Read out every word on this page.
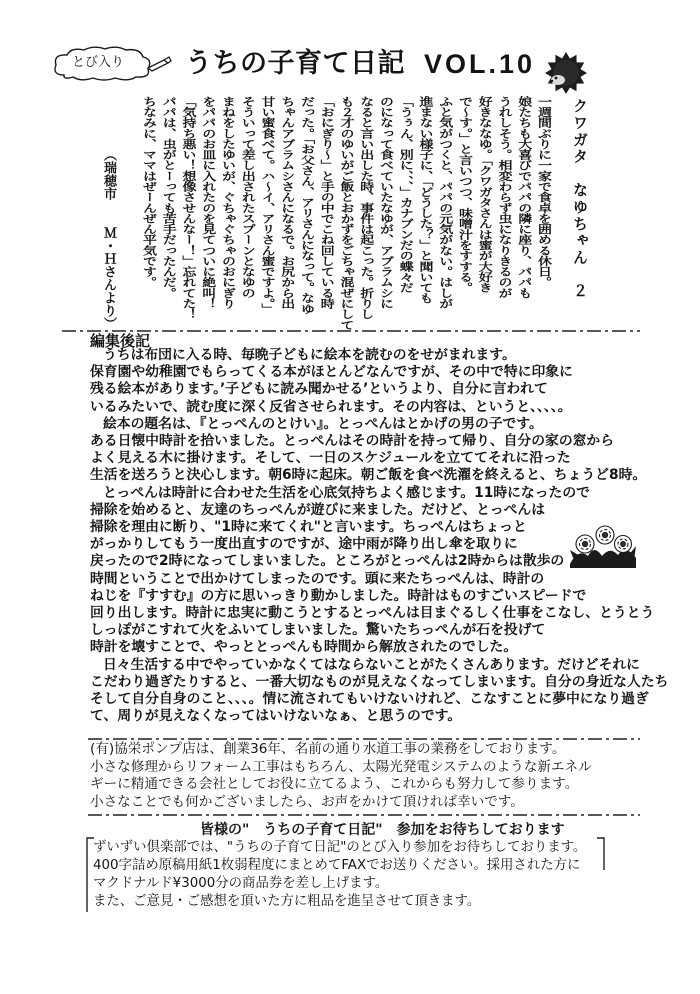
とび入り うちの子育て日記 VOL.10
クワガタ　なゆちゃん　２
一週間ぶりに一家で食卓を囲める休日。
娘たちも大喜びでパパの隣に座り、パパも
うれしそう。相変わらず虫になりきるのが
好きななゆ。「クワガタさんは蜜が大好き
で～す。」と言いつつ、味噌汁をすする。
ふと気がつくと、パパの元気がない。はしが
進まない様子に、「どうした？」と聞いても
「うぅん、別に、、、」カナブンだの蝶々だ
のになって食べていたなゆが、アブラムシに
なると言い出した時、事件は起こった。折りし
も２才のゆいがご飯とおかずをごちゃ混ぜにして
「おにぎり～」と手の中でこね回している時
だった。「お父さん、アリさんになって。なゆ
ちゃんアブラムシさんになるで。お尻から出
甘い蜜食べて。ハ～イ、アリさん蜜ですよ。」
そういって差し出されたスプーンとなゆの
まねをしたゆいが、ぐちゃぐちゃのおにぎり
をパパのお皿に入れたのを見てついに絶叫！
「気持ち悪い！想像させんなー！」忘れてた！
パパは、虫がとーっても苦手だったんだ。
ちなみに、ママはぜーんぜん平気です。
（瑞穂市　　Ｍ・Ｈさんより）
編集後記
うちは布団に入る時、毎晩子どもに絵本を読むのをせがまれます。
保育園や幼稚園でもらってくる本がほとんどなんですが、その中で特に印象に
残る絵本があります。’子どもに読み聞かせる’というより、自分に言われて
いるみたいで、読む度に深く反省させられます。その内容は、というと、、、、。
絵本の題名は、『とっぺんのとけい』。とっぺんはとかげの男の子です。
ある日懐中時計を拾いました。とっぺんはその時計を持って帰り、自分の家の窓から
よく見える木に掛けます。そして、一日のスケジュールを立ててそれに沿った
生活を送ろうと決心します。朝6時に起床。朝ご飯を食べ洗濯を終えると、ちょうど8時。
とっぺんは時計に合わせた生活を心底気持ちよく感じます。11時になったので
掃除を始めると、友達のちっぺんが遊びに来ました。だけど、とっぺんは
掃除を理由に断り、"1時に来てくれ"と言います。ちっぺんはちょっと
がっかりしてもう一度出直すのですが、途中雨が降り出し傘を取りに
戻ったので2時になってしまいました。ところがとっぺんは2時からは散歩の
時間ということで出かけてしまったのです。頭に来たちっぺんは、時計の
ねじを『すすむ』の方に思いっきり動かしました。時計はものすごいスピードで
回り出します。時計に忠実に動こうとするとっぺんは目まぐるしく仕事をこなし、とうとう
しっぽがこすれて火をふいてしまいました。驚いたちっぺんが石を投げて
時計を壊すことで、やっととっぺんも時間から解放されたのでした。
日々生活する中でやっていかなくてはならないことがたくさんあります。だけどそれに
こだわり過ぎたりすると、一番大切なものが見えなくなってしまいます。自分の身近な人たち
そして自分自身のこと、、、。情に流されてもいけないけれど、こなすことに夢中になり過ぎ
て、周りが見えなくなってはいけないなぁ、と思うのです。
(有)協栄ポンプ店は、創業36年、名前の通り水道工事の業務をしております。
小さな修理からリフォーム工事はもちろん、太陽光発電システムのような新エネル
ギーに精通できる会社としてお役に立てるよう、これからも努力して参ります。
小さなことでも何かございましたら、お声をかけて頂ければ幸いです。
皆様の"　うちの子育て日記"　参加をお待ちしております
ずいずい倶楽部では、"うちの子育て日記"のとび入り参加をお待ちしております。
400字詰め原稿用紙1枚弱程度にまとめてFAXでお送りください。採用された方に
マクドナルド¥3000分の商品券を差し上げます。
また、ご意見・ご感想を頂いた方に粗品を進呈させて頂きます。
